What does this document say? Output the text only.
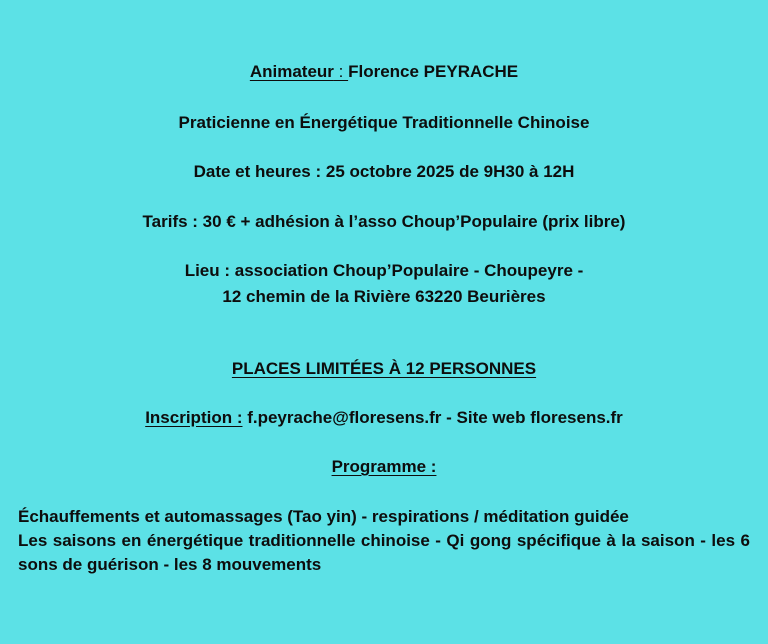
Animateur : Florence PEYRACHE
Praticienne en Énergétique Traditionnelle Chinoise
Date et heures : 25 octobre 2025 de 9H30 à 12H
Tarifs : 30 € + adhésion à l’asso Choup’Populaire (prix libre)
Lieu : association Choup’Populaire - Choupeyre -
12 chemin de la Rivière 63220 Beurières
PLACES LIMITÉES À 12 PERSONNES
Inscription : f.peyrache@floresens.fr - Site web floresens.fr
Programme :

Échauffements et automassages (Tao yin) - respirations / méditation guidée

Les saisons en énergétique traditionnelle chinoise - Qi gong spécifique à la saison - les 6 sons de guérison - les 8 mouvements
